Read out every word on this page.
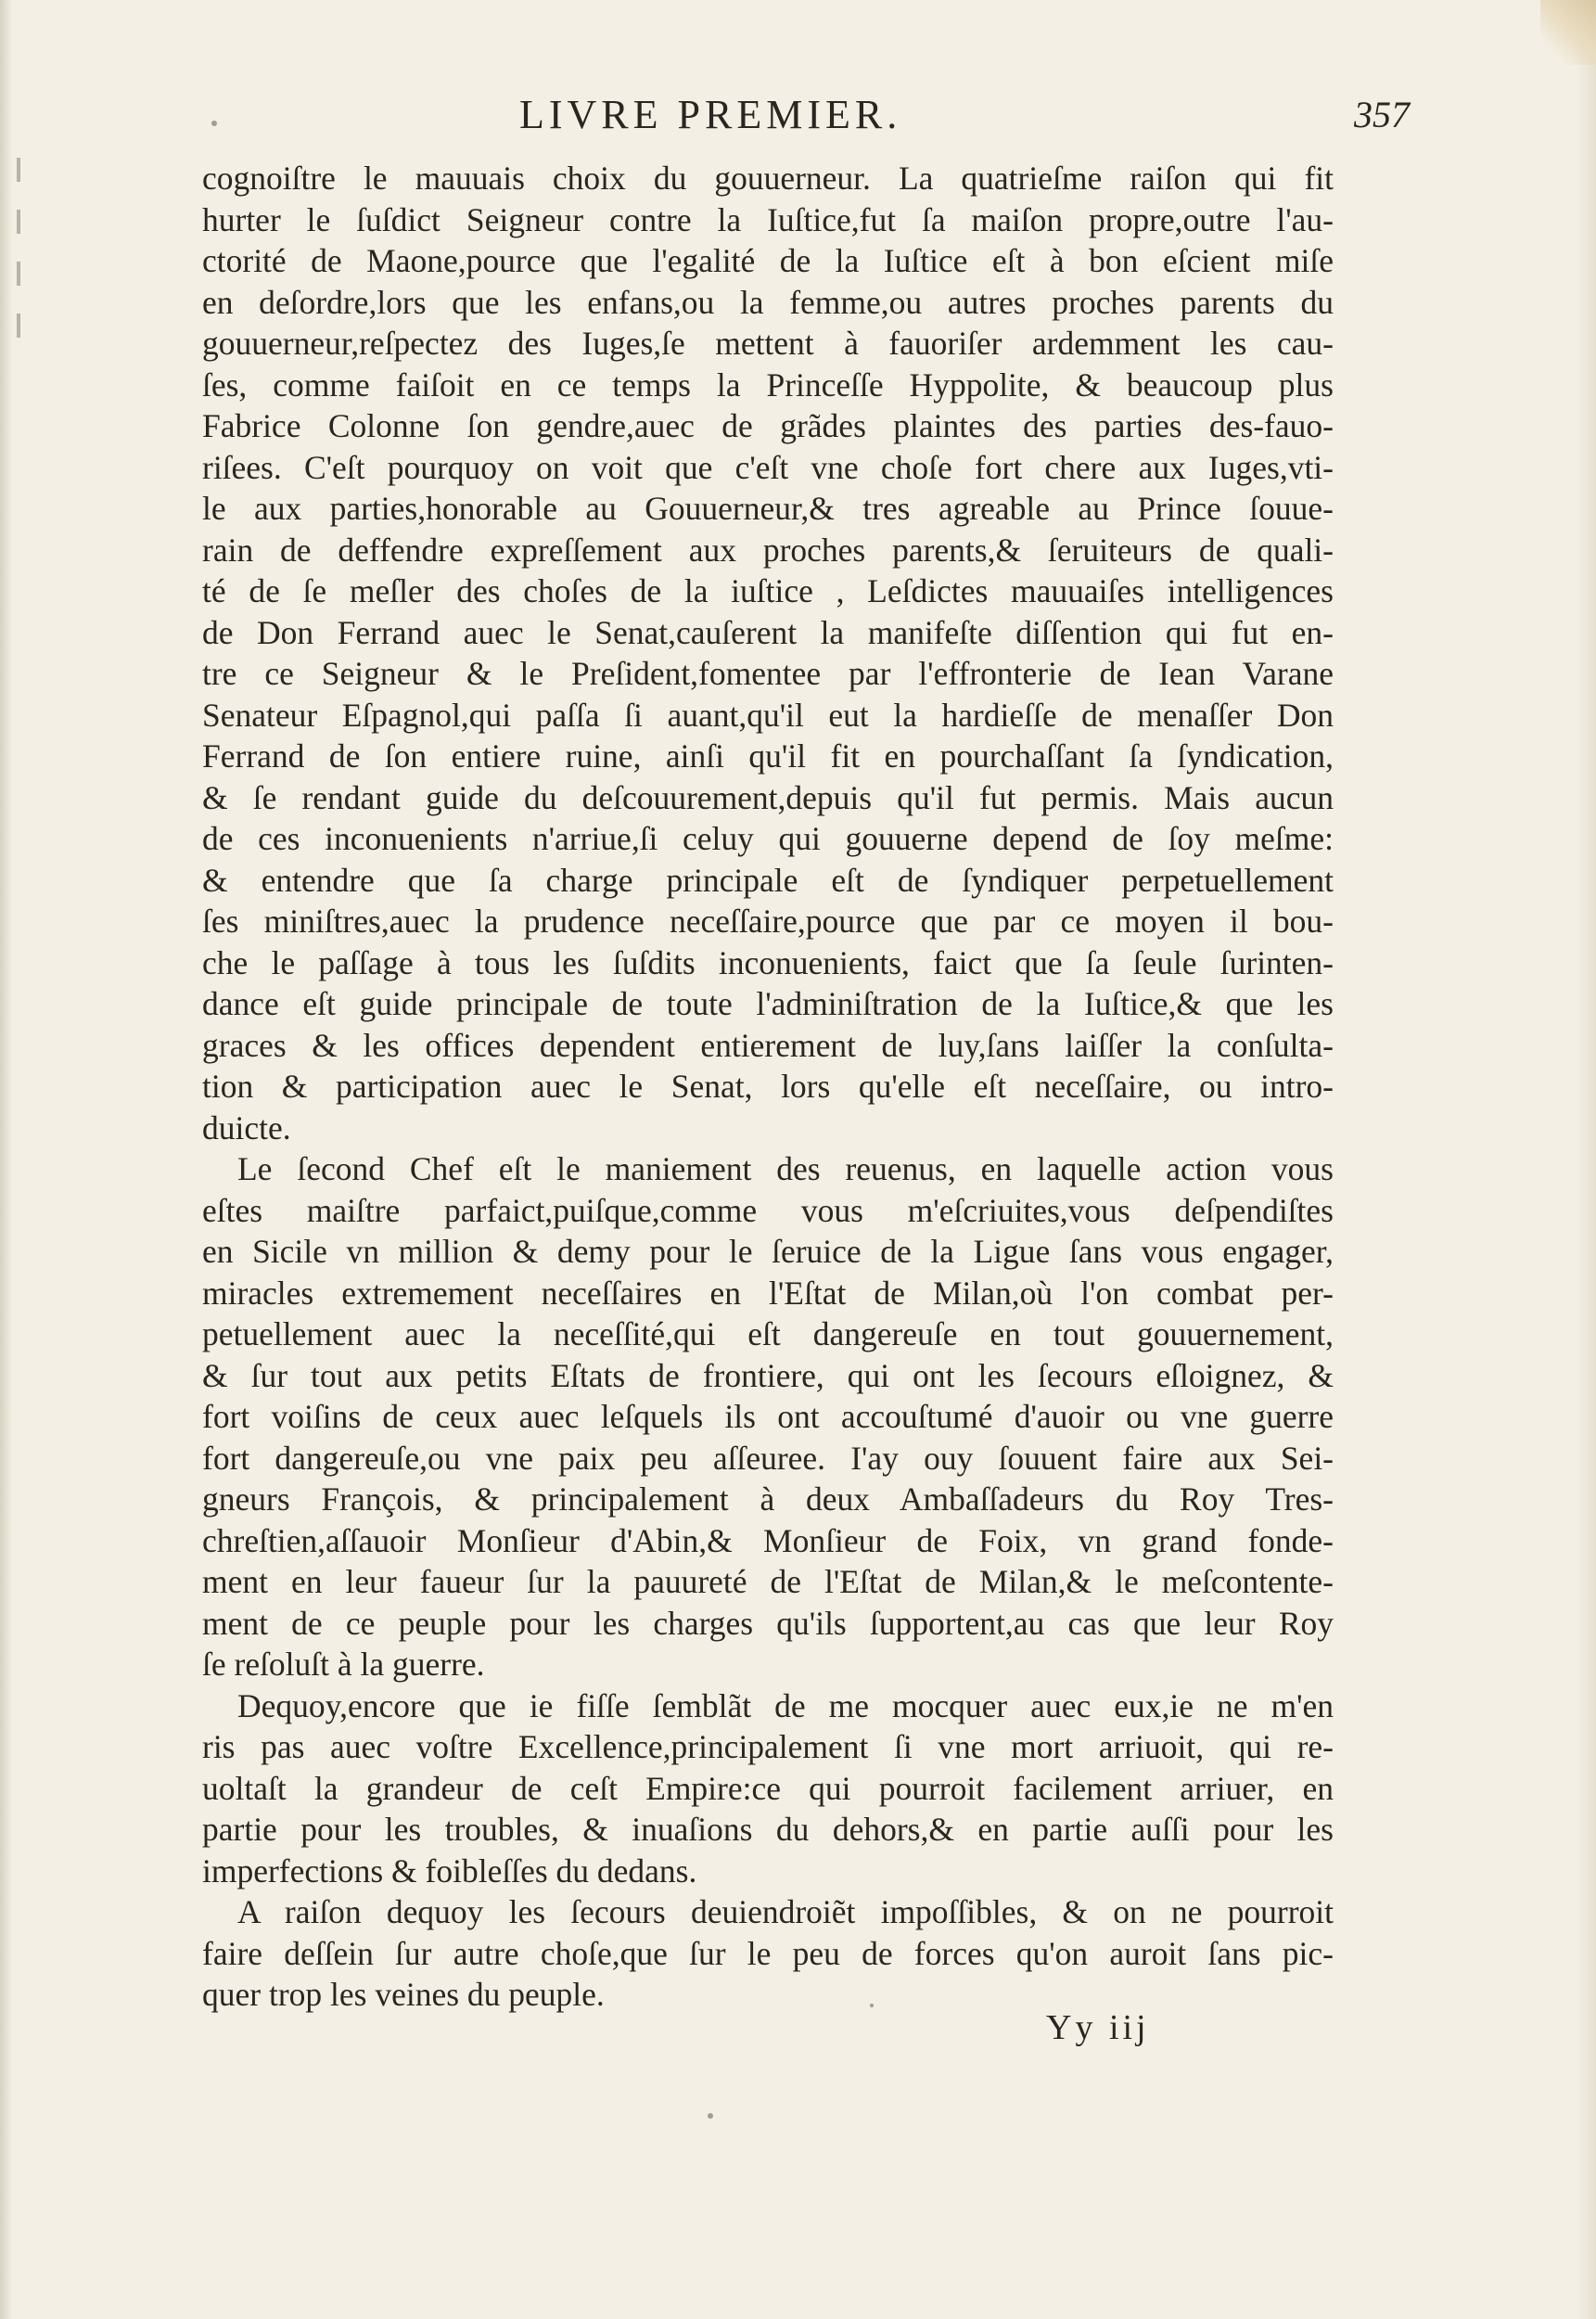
LIVRE PREMIER.	357
cognoiſtre le mauuais choix du gouuerneur. La quatrieſme raiſon qui fit
hurter le ſuſdict Seigneur contre la Iuſtice,fut ſa maiſon propre,outre l'au-
ctorité de Maone,pource que l'egalité de la Iuſtice eſt à bon eſcient miſe
en deſordre,lors que les enfans,ou la femme,ou autres proches parents du
gouuerneur,reſpectez des Iuges,ſe mettent à fauoriſer ardemment les cau-
ſes, comme faiſoit en ce temps la Princeſſe Hyppolite, & beaucoup plus
Fabrice Colonne ſon gendre,auec de grãdes plaintes des parties des-fauo-
riſees. C'eſt pourquoy on voit que c'eſt vne choſe fort chere aux Iuges,vti-
le aux parties,honorable au Gouuerneur,& tres agreable au Prince ſouue-
rain de deffendre expreſſement aux proches parents,& ſeruiteurs de quali-
té de ſe meſler des choſes de la iuſtice , Leſdictes mauuaiſes intelligences
de Don Ferrand auec le Senat,cauſerent la manifeſte diſſention qui fut en-
tre ce Seigneur & le Preſident,fomentee par l'effronterie de Iean Varane
Senateur Eſpagnol,qui paſſa ſi auant,qu'il eut la hardieſſe de menaſſer Don
Ferrand de ſon entiere ruine, ainſi qu'il fit en pourchaſſant ſa ſyndication,
& ſe rendant guide du deſcouurement,depuis qu'il fut permis. Mais aucun
de ces inconuenients n'arriue,ſi celuy qui gouuerne depend de ſoy meſme:
& entendre que ſa charge principale eſt de ſyndiquer perpetuellement
ſes miniſtres,auec la prudence neceſſaire,pource que par ce moyen il bou-
che le paſſage à tous les ſuſdits inconuenients, faict que ſa ſeule ſurinten-
dance eſt guide principale de toute l'adminiſtration de la Iuſtice,& que les
graces & les offices dependent entierement de luy,ſans laiſſer la conſulta-
tion & participation auec le Senat, lors qu'elle eſt neceſſaire, ou intro-
duicte.
Le ſecond Chef eſt le maniement des reuenus, en laquelle action vous
eſtes maiſtre parfaict,puiſque,comme vous m'eſcriuites,vous deſpendiſtes
en Sicile vn million & demy pour le ſeruice de la Ligue ſans vous engager,
miracles extremement neceſſaires en l'Eſtat de Milan,où l'on combat per-
petuellement auec la neceſſité,qui eſt dangereuſe en tout gouuernement,
& ſur tout aux petits Eſtats de frontiere, qui ont les ſecours eſloignez, &
fort voiſins de ceux auec leſquels ils ont accouſtumé d'auoir ou vne guerre
fort dangereuſe,ou vne paix peu aſſeuree. I'ay ouy ſouuent faire aux Sei-
gneurs François, & principalement à deux Ambaſſadeurs du Roy Tres-
chreſtien,aſſauoir Monſieur d'Abin,& Monſieur de Foix, vn grand fonde-
ment en leur faueur ſur la pauureté de l'Eſtat de Milan,& le meſcontente-
ment de ce peuple pour les charges qu'ils ſupportent,au cas que leur Roy
ſe reſoluſt à la guerre.
Dequoy,encore que ie fiſſe ſemblãt de me mocquer auec eux,ie ne m'en
ris pas auec voſtre Excellence,principalement ſi vne mort arriuoit, qui re-
uoltaſt la grandeur de ceſt Empire:ce qui pourroit facilement arriuer, en
partie pour les troubles, & inuaſions du dehors,& en partie auſſi pour les
imperfections & foibleſſes du dedans.
A raiſon dequoy les ſecours deuiendroiẽt impoſſibles, & on ne pourroit
faire deſſein ſur autre choſe,que ſur le peu de forces qu'on auroit ſans pic-
quer trop les veines du peuple.
Yy iij
